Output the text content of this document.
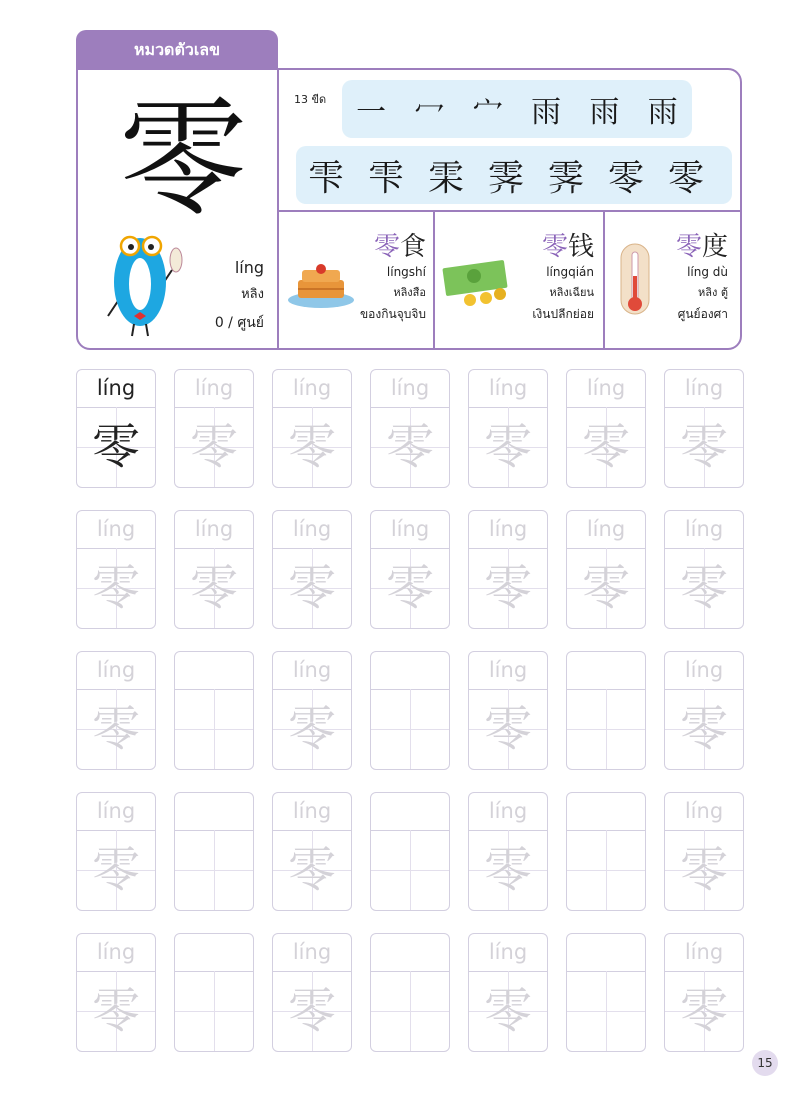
หมวดตัวเลข
零	13 ขีด 一 冖 宀 雨 雨 雨
雫 雫 雬 霁 霁 零 零
líng
หลิง
0 / ศูนย์
零食
língshí
หลิงสือ
ของกินจุบจิบ
零钱
língqián
หลิงเฉียน
เงินปลีกย่อย
零度
líng dù
หลิง ตู้
ศูนย์องศา
líng
零
líng
零
líng
零
líng
零
líng
零
líng
零
líng
零
líng
零
líng
零
líng
零
líng
零
líng
零
líng
零
líng
零
líng
零
líng
零
líng
零
líng
零
líng
零
líng
零
líng
零
líng
零
líng
零
líng
零
líng
零
líng
零
15
